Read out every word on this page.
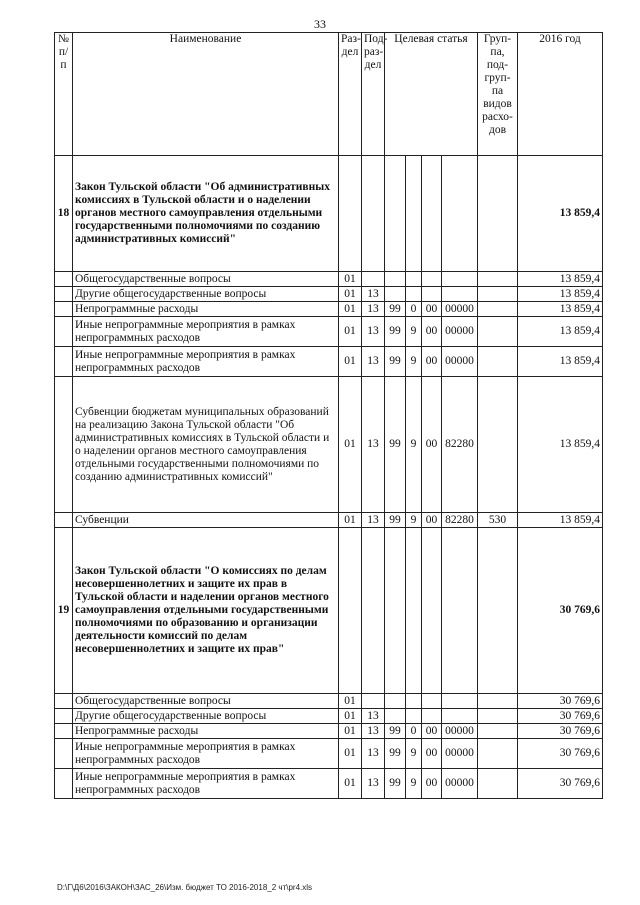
33
№ п/п	Наименование	Раз-дел	Под-раз-дел	Целевая статья				Груп-па, под-груп-па видов расхо-дов	2016 год
18	Закон Тульской области "Об административных комиссиях в Тульской области и о наделении органов местного самоуправления отдельными государственными полномочиями по созданию административных комиссий"								13 859,4
	Общегосударственные вопросы	01							13 859,4
	Другие общегосударственные вопросы	01	13						13 859,4
	Непрограммные расходы	01	13	99	0	00	00000		13 859,4
	Иные непрограммные мероприятия в рамках непрограммных расходов	01	13	99	9	00	00000		13 859,4
	Иные непрограммные мероприятия в рамках непрограммных расходов	01	13	99	9	00	00000		13 859,4
	Субвенции бюджетам муниципальных образований на реализацию Закона Тульской области "Об административных комиссиях в Тульской области и о наделении органов местного самоуправления отдельными государственными полномочиями по созданию административных комиссий"	01	13	99	9	00	82280		13 859,4
	Субвенции	01	13	99	9	00	82280	530	13 859,4
19	Закон Тульской области "О комиссиях по делам несовершеннолетних и защите их прав в Тульской области и наделении органов местного самоуправления отдельными государственными полномочиями по образованию и организации деятельности комиссий по делам несовершеннолетних и защите их прав"								30 769,6
	Общегосударственные вопросы	01							30 769,6
	Другие общегосударственные вопросы	01	13						30 769,6
	Непрограммные расходы	01	13	99	0	00	00000		30 769,6
	Иные непрограммные мероприятия в рамках непрограммных расходов	01	13	99	9	00	00000		30 769,6
	Иные непрограммные мероприятия в рамках непрограммных расходов	01	13	99	9	00	00000		30 769,6
D:\Г\Д6\2016\ЗАКОН\ЗАС_26\Изм. бюджет ТО 2016-2018_2 чт\pr4.xls
